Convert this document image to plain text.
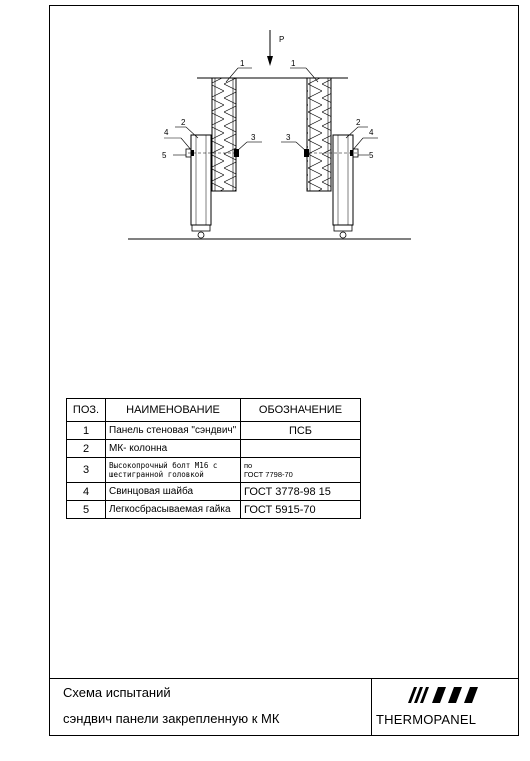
P
1
2
3
4
5
1
2
3
4
5
ПОЗ.	НАИМЕНОВАНИЕ	ОБОЗНАЧЕНИЕ
1	Панель стеновая "сэндвич"	ПСБ
2	МК- колонна	
3	Высокопрочный болт М16 с шестигранной головкой	по
ГОСТ 7798-70

4	Свинцовая шайба	ГОСТ 3778-98 15
5	Легкосбрасываемая гайка	ГОСТ 5915-70
Схема испытаний
сэндвич панели закрепленную к МК	THERMOPANEL
